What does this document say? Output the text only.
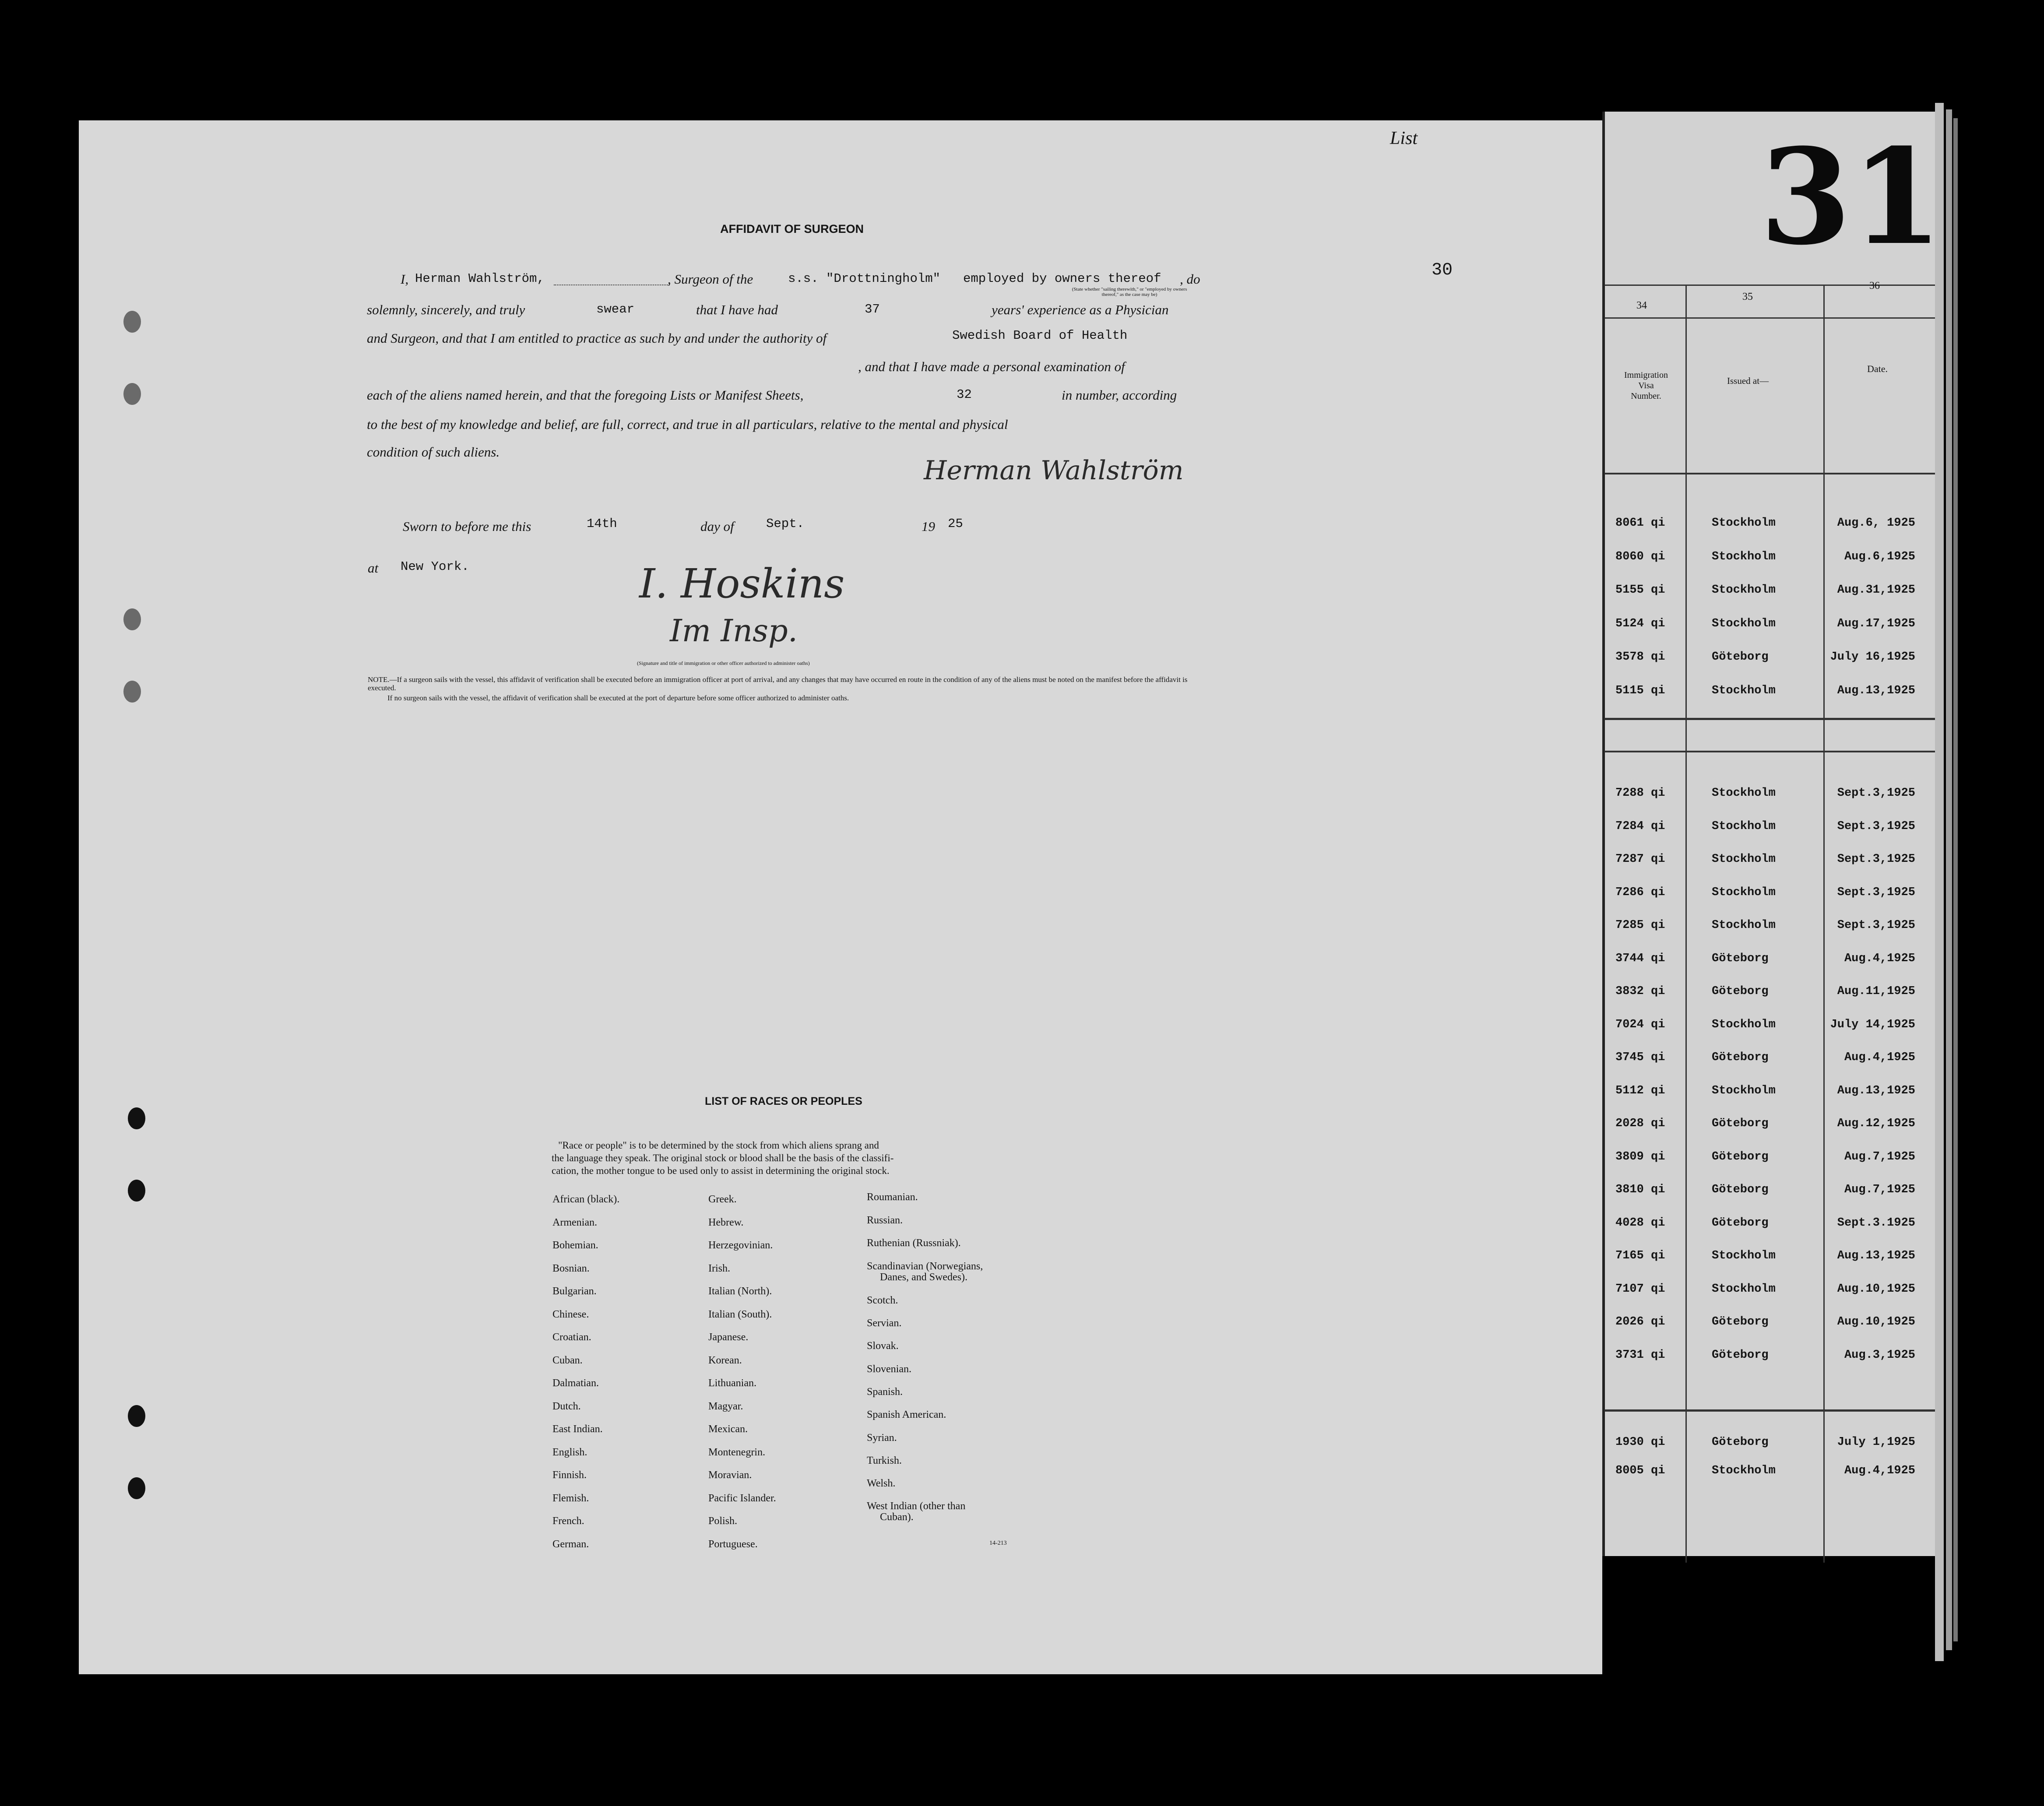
List	31
30
AFFIDAVIT OF SURGEON
I, Herman Wahlström,	, Surgeon of the	s.s. "Drottningholm" employed by owners thereof , do
(State whether "sailing therewith," or "employed by owners thereof," as the case may be)
solemnly, sincerely, and truly	swear	that I have had	37	years' experience as a Physician
and Surgeon, and that I am entitled to practice as such by and under the authority of	Swedish Board of Health
, and that I have made a personal examination of
each of the aliens named herein, and that the foregoing Lists or Manifest Sheets,	32	in number, according
to the best of my knowledge and belief, are full, correct, and true in all particulars, relative to the mental and physical
condition of such aliens.
Herman Wahlström
Sworn to before me this	14th	day of	Sept.	19 25
at New York.	I. Hoskins
Im Insp.
(Signature and title of immigration or other officer authorized to administer oaths)
NOTE.—If a surgeon sails with the vessel, this affidavit of verification shall be executed before an immigration officer at port of arrival, and any changes that may have occurred en route in the condition of any of the aliens must be noted on the manifest before the affidavit is executed.
If no surgeon sails with the vessel, the affidavit of verification shall be executed at the port of departure before some officer authorized to administer oaths.
LIST OF RACES OR PEOPLES
"Race or people" is to be determined by the stock from which aliens sprang and
the language they speak. The original stock or blood shall be the basis of the classifi-
cation, the mother tongue to be used only to assist in determining the original stock.
African (black).
Armenian.
Bohemian.
Bosnian.
Bulgarian.
Chinese.
Croatian.
Cuban.
Dalmatian.
Dutch.
East Indian.
English.
Finnish.
Flemish.
French.
German.
Greek.
Hebrew.
Herzegovinian.
Irish.
Italian (North).
Italian (South).
Japanese.
Korean.
Lithuanian.
Magyar.
Mexican.
Montenegrin.
Moravian.
Pacific Islander.
Polish.
Portuguese.
Roumanian.
Russian.
Ruthenian (Russniak).
Scandinavian (Norwegians,
Danes, and Swedes).
Scotch.
Servian.
Slovak.
Slovenian.
Spanish.
Spanish American.
Syrian.
Turkish.
Welsh.
West Indian (other than
Cuban).
14-213
34
35
36
Immigration
Visa
Number.
Issued at—
Date.
8061 qi	Stockholm	Aug.6, 1925
8060 qi	Stockholm	Aug.6,1925
5155 qi	Stockholm	Aug.31,1925
5124 qi	Stockholm	Aug.17,1925
3578 qi	Göteborg	July 16,1925
5115 qi	Stockholm	Aug.13,1925
7288 qi	Stockholm	Sept.3,1925
7284 qi	Stockholm	Sept.3,1925
7287 qi	Stockholm	Sept.3,1925
7286 qi	Stockholm	Sept.3,1925
7285 qi	Stockholm	Sept.3,1925
3744 qi	Göteborg	Aug.4,1925
3832 qi	Göteborg	Aug.11,1925
7024 qi	Stockholm	July 14,1925
3745 qi	Göteborg	Aug.4,1925
5112 qi	Stockholm	Aug.13,1925
2028 qi	Göteborg	Aug.12,1925
3809 qi	Göteborg	Aug.7,1925
3810 qi	Göteborg	Aug.7,1925
4028 qi	Göteborg	Sept.3.1925
7165 qi	Stockholm	Aug.13,1925
7107 qi	Stockholm	Aug.10,1925
2026 qi	Göteborg	Aug.10,1925
3731 qi	Göteborg	Aug.3,1925
1930 qi	Göteborg	July 1,1925
8005 qi	Stockholm	Aug.4,1925
